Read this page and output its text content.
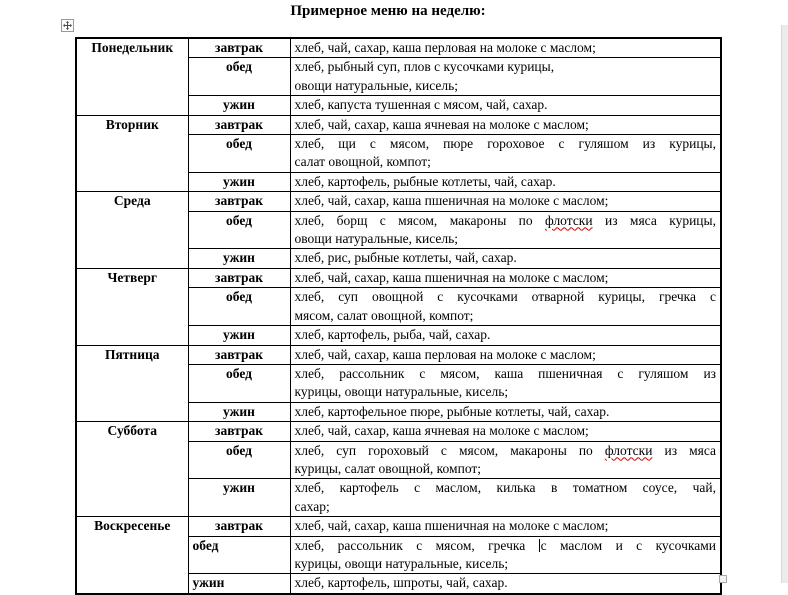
Примерное меню на неделю:
Понедельник	завтрак	хлеб, чай, сахар, каша перловая на молоке с маслом;

	обед	хлеб, рыбный суп, плов с кусочками курицы,
овощи натуральные, кисель;

	ужин	хлеб, капуста тушенная с мясом, чай, сахар.

Вторник	завтрак	хлеб, чай, сахар, каша ячневая на молоке с маслом;

	обед	хлеб, щи с мясом, пюре гороховое с гуляшом из курицы,
салат овощной, компот;

	ужин	хлеб, картофель, рыбные котлеты, чай, сахар.

Среда	завтрак	хлеб, чай, сахар, каша пшеничная на молоке с маслом;

	обед	хлеб, борщ с мясом, макароны по флотски из мяса курицы,
овощи натуральные, кисель;

	ужин	хлеб, рис, рыбные котлеты, чай, сахар.

Четверг	завтрак	хлеб, чай, сахар, каша пшеничная на молоке с маслом;

	обед	хлеб, суп овощной с кусочками отварной курицы, гречка с
мясом, салат овощной, компот;

	ужин	хлеб, картофель, рыба, чай, сахар.

Пятница	завтрак	хлеб, чай, сахар, каша перловая на молоке с маслом;

	обед	хлеб, рассольник с мясом, каша пшеничная с гуляшом из
курицы, овощи натуральные, кисель;

	ужин	хлеб, картофельное пюре, рыбные котлеты, чай, сахар.

Суббота	завтрак	хлеб, чай, сахар, каша ячневая на молоке с маслом;

	обед	хлеб, суп гороховый с мясом, макароны по флотски из мяса
курицы, салат овощной, компот;

	ужин	хлеб, картофель с маслом, килька в томатном соусе, чай,
сахар;

Воскресенье	завтрак	хлеб, чай, сахар, каша пшеничная на молоке с маслом;

	обед	хлеб, рассольник с мясом, гречка с маслом и с кусочками
курицы, овощи натуральные, кисель;

	ужин	хлеб, картофель, шпроты, чай, сахар.
